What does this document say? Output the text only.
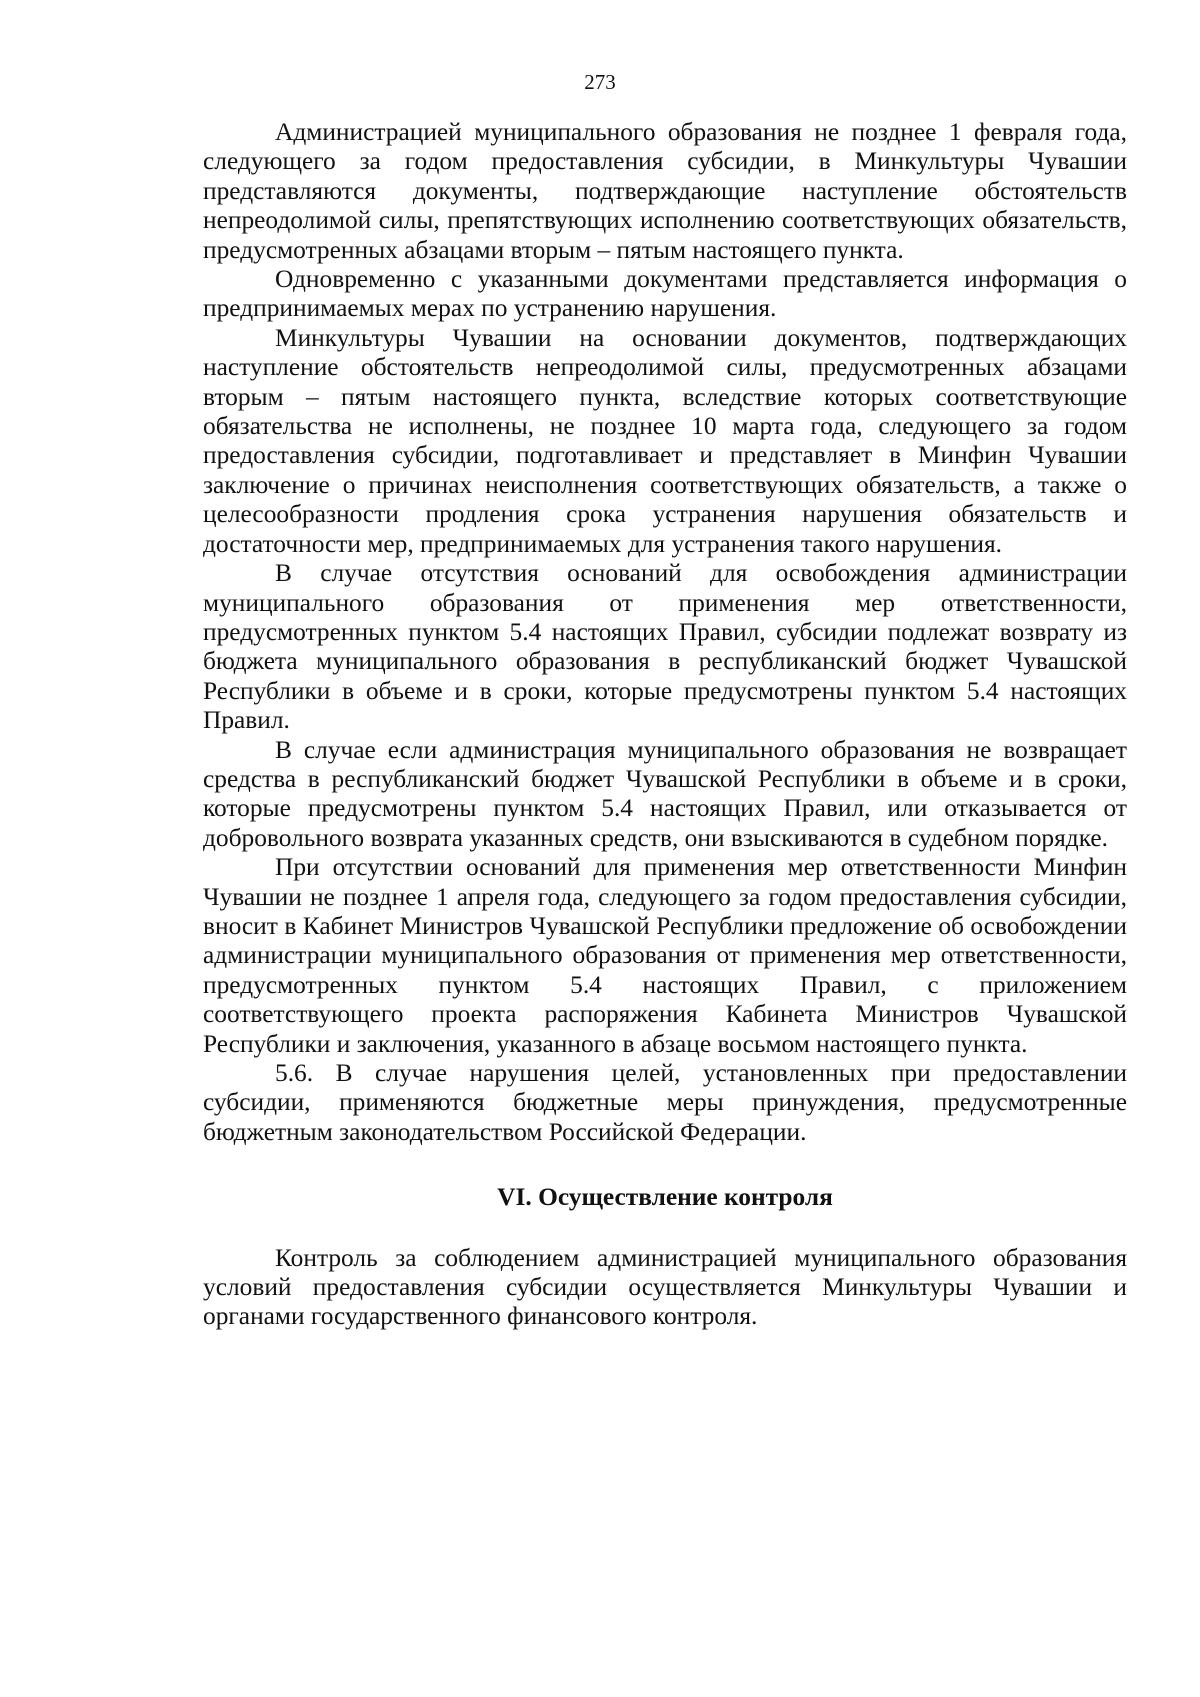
273

Администрацией муниципального образования не позднее 1 февраля года, следующего за годом предоставления субсидии, в Минкультуры Чувашии представляются документы, подтверждающие наступление обстоятельств непреодолимой силы, препятствующих исполнению соответствующих обязательств, предусмотренных абзацами вторым – пятым настоящего пункта.

Одновременно с указанными документами представляется информация о предпринимаемых мерах по устранению нарушения.

Минкультуры Чувашии на основании документов, подтверждающих наступление обстоятельств непреодолимой силы, предусмотренных абзацами вторым – пятым настоящего пункта, вследствие которых соответствующие обязательства не исполнены, не позднее 10 марта года, следующего за годом предоставления субсидии, подготавливает и представляет в Минфин Чувашии заключение о причинах неисполнения соответствующих обязательств, а также о целесообразности продления срока устранения нарушения обязательств и достаточности мер, предпринимаемых для устранения такого нарушения.

В случае отсутствия оснований для освобождения администрации муниципального образования от применения мер ответственности, предусмотренных пунктом 5.4 настоящих Правил, субсидии подлежат возврату из бюджета муниципального образования в республиканский бюджет Чувашской Республики в объеме и в сроки, которые предусмотрены пунктом 5.4 настоящих Правил.

В случае если администрация муниципального образования не возвращает средства в республиканский бюджет Чувашской Республики в объеме и в сроки, которые предусмотрены пунктом 5.4 настоящих Правил, или отказывается от добровольного возврата указанных средств, они взыскиваются в судебном порядке.

При отсутствии оснований для применения мер ответственности Минфин Чувашии не позднее 1 апреля года, следующего за годом предоставления субсидии, вносит в Кабинет Министров Чувашской Республики предложение об освобождении администрации муниципального образования от применения мер ответственности, предусмотренных пунктом 5.4 настоящих Правил, с приложением соответствующего проекта распоряжения Кабинета Министров Чувашской Республики и заключения, указанного в абзаце восьмом настоящего пункта.

5.6. В случае нарушения целей, установленных при предоставлении субсидии, применяются бюджетные меры принуждения, предусмотренные бюджетным законодательством Российской Федерации.

VI. Осуществление контроля

Контроль за соблюдением администрацией муниципального образования условий предоставления субсидии осуществляется Минкультуры Чувашии и органами государственного финансового контроля.
